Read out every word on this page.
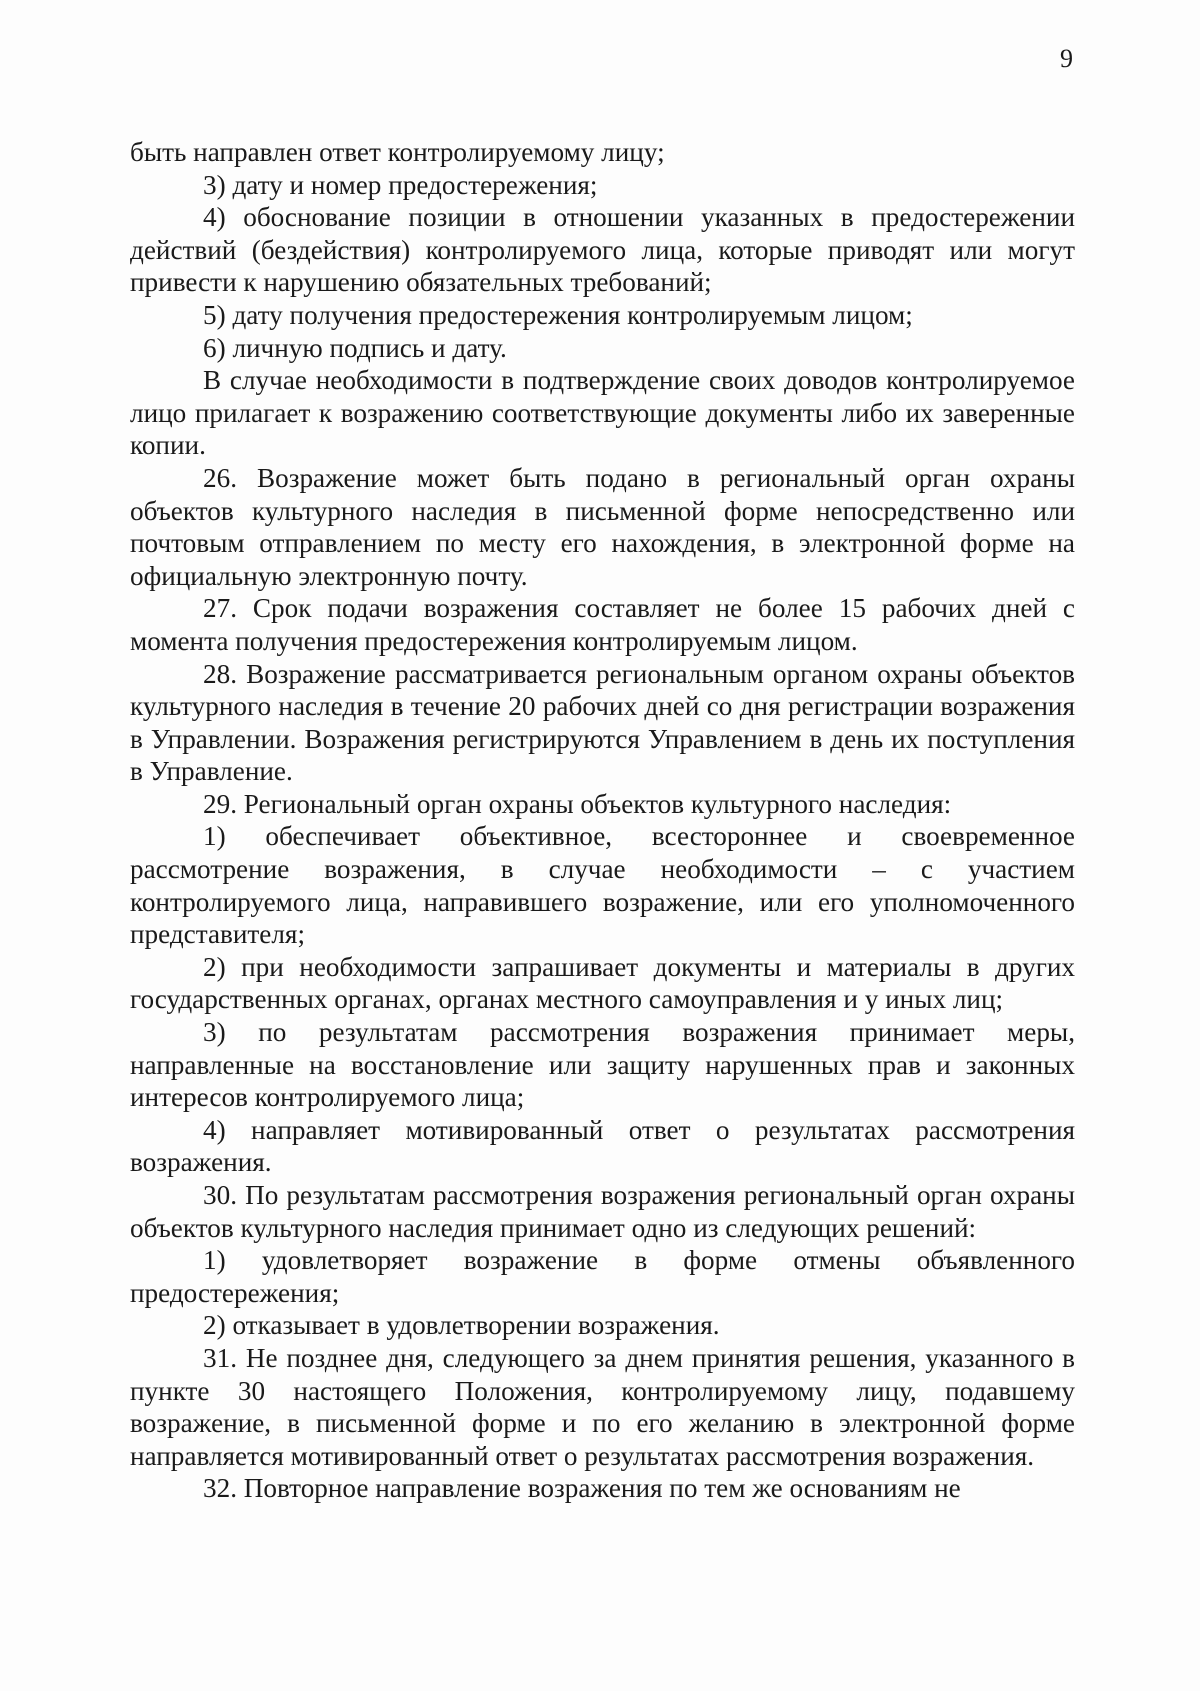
9

быть направлен ответ контролируемому лицу;

3) дату и номер предостережения;

4) обоснование позиции в отношении указанных в предостережении действий (бездействия) контролируемого лица, которые приводят или могут привести к нарушению обязательных требований;

5) дату получения предостережения контролируемым лицом;

6) личную подпись и дату.

В случае необходимости в подтверждение своих доводов контролируемое лицо прилагает к возражению соответствующие документы либо их заверенные копии.

26. Возражение может быть подано в региональный орган охраны объектов культурного наследия в письменной форме непосредственно или почтовым отправлением по месту его нахождения, в электронной форме на официальную электронную почту.

27. Срок подачи возражения составляет не более 15 рабочих дней с момента получения предостережения контролируемым лицом.

28. Возражение рассматривается региональным органом охраны объектов культурного наследия в течение 20 рабочих дней со дня регистрации возражения в Управлении. Возражения регистрируются Управлением в день их поступления в Управление.

29. Региональный орган охраны объектов культурного наследия:

1) обеспечивает объективное, всестороннее и своевременное рассмотрение возражения, в случае необходимости – с участием контролируемого лица, направившего возражение, или его уполномоченного представителя;

2) при необходимости запрашивает документы и материалы в других государственных органах, органах местного самоуправления и у иных лиц;

3) по результатам рассмотрения возражения принимает меры, направленные на восстановление или защиту нарушенных прав и законных интересов контролируемого лица;

4) направляет мотивированный ответ о результатах рассмотрения возражения.

30. По результатам рассмотрения возражения региональный орган охраны объектов культурного наследия принимает одно из следующих решений:

1) удовлетворяет возражение в форме отмены объявленного предостережения;

2) отказывает в удовлетворении возражения.

31. Не позднее дня, следующего за днем принятия решения, указанного в пункте 30 настоящего Положения, контролируемому лицу, подавшему возражение, в письменной форме и по его желанию в электронной форме направляется мотивированный ответ о результатах рассмотрения возражения.

32. Повторное направление возражения по тем же основаниям не
